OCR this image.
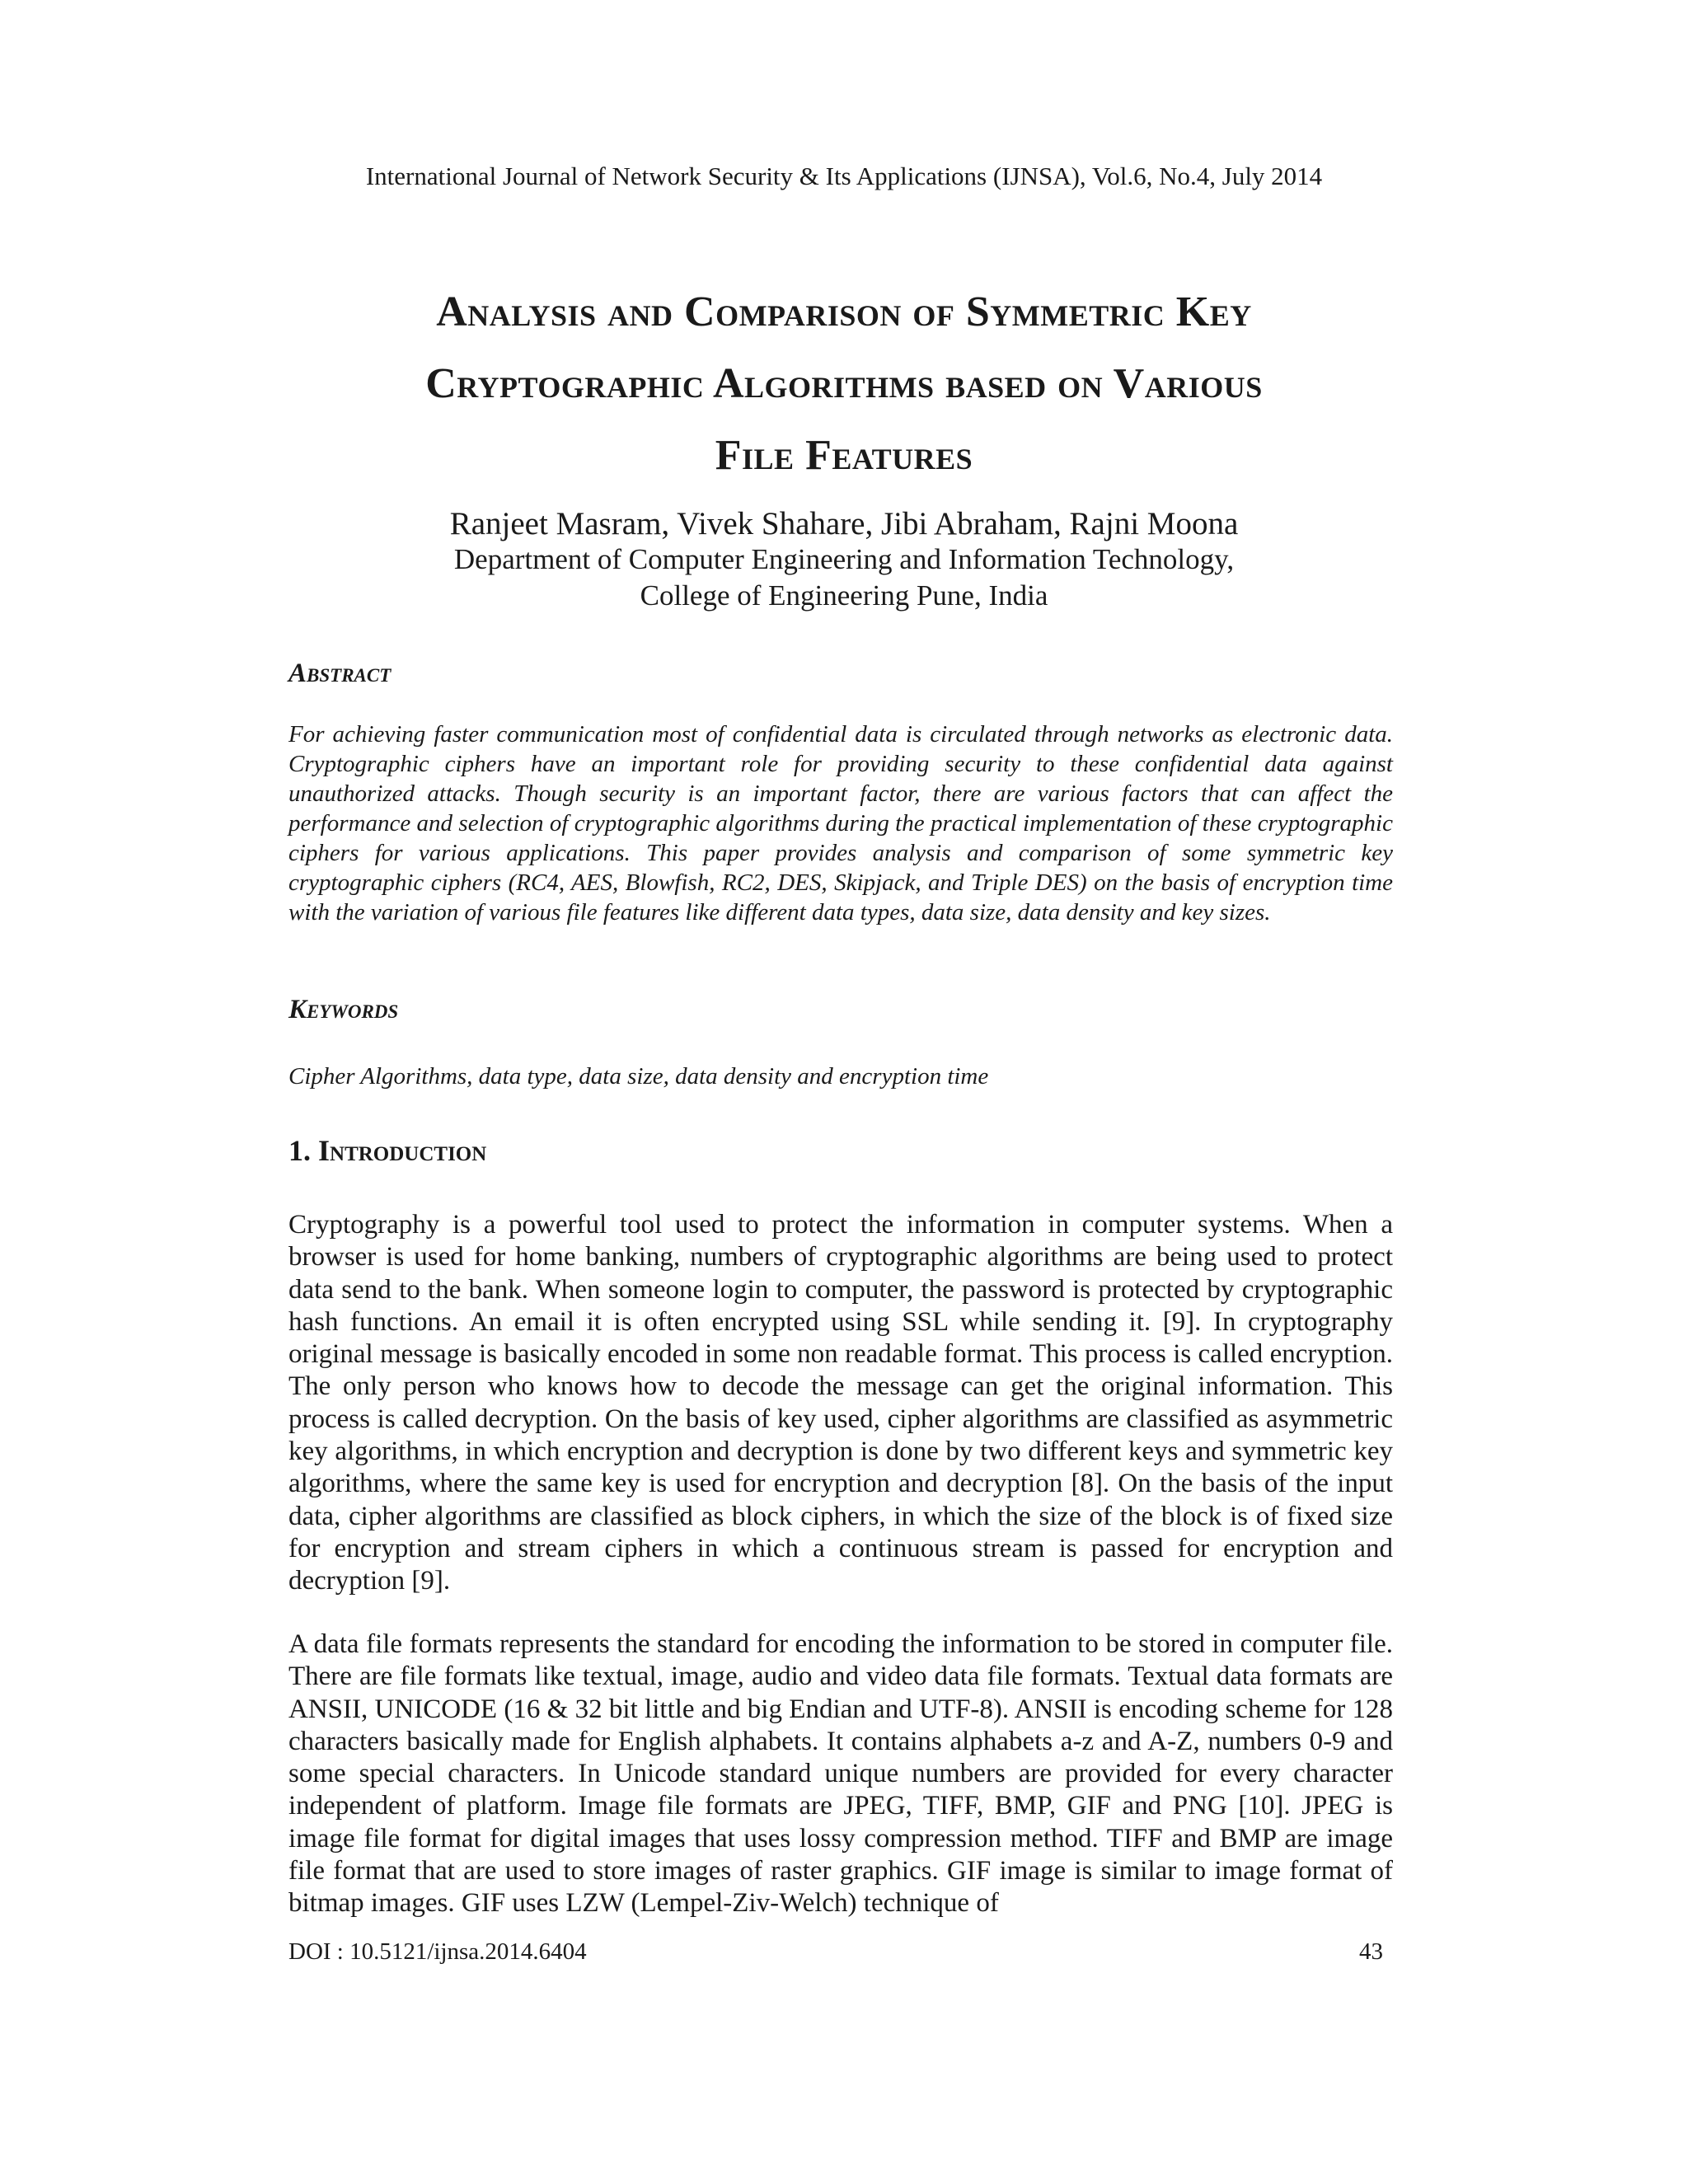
International Journal of Network Security & Its Applications (IJNSA), Vol.6, No.4, July 2014
Analysis and Comparison of Symmetric Key
Cryptographic Algorithms based on Various
File Features
Ranjeet Masram, Vivek Shahare, Jibi Abraham, Rajni Moona
Department of Computer Engineering and Information Technology,
College of Engineering Pune, India
Abstract

For achieving faster communication most of confidential data is circulated through networks as electronic data. Cryptographic ciphers have an important role for providing security to these confidential data against unauthorized attacks. Though security is an important factor, there are various factors that can affect the performance and selection of cryptographic algorithms during the practical implementation of these cryptographic ciphers for various applications. This paper provides analysis and comparison of some symmetric key cryptographic ciphers (RC4, AES, Blowfish, RC2, DES, Skipjack, and Triple DES) on the basis of encryption time with the variation of various file features like different data types, data size, data density and key sizes.

Keywords

Cipher Algorithms, data type, data size, data density and encryption time

1. Introduction

Cryptography is a powerful tool used to protect the information in computer systems. When a browser is used for home banking, numbers of cryptographic algorithms are being used to protect data send to the bank. When someone login to computer, the password is protected by cryptographic hash functions. An email it is often encrypted using SSL while sending it. [9]. In cryptography original message is basically encoded in some non readable format. This process is called encryption. The only person who knows how to decode the message can get the original information. This process is called decryption. On the basis of key used, cipher algorithms are classified as asymmetric key algorithms, in which encryption and decryption is done by two different keys and symmetric key algorithms, where the same key is used for encryption and decryption [8]. On the basis of the input data, cipher algorithms are classified as block ciphers, in which the size of the block is of fixed size for encryption and stream ciphers in which a continuous stream is passed for encryption and decryption [9].

A data file formats represents the standard for encoding the information to be stored in computer file. There are file formats like textual, image, audio and video data file formats. Textual data formats are ANSII, UNICODE (16 & 32 bit little and big Endian and UTF-8). ANSII is encoding scheme for 128 characters basically made for English alphabets. It contains alphabets a-z and A-Z, numbers 0-9 and some special characters. In Unicode standard unique numbers are provided for every character independent of platform. Image file formats are JPEG, TIFF, BMP, GIF and PNG [10]. JPEG is image file format for digital images that uses lossy compression method. TIFF and BMP are image file format that are used to store images of raster graphics. GIF image is similar to image format of bitmap images. GIF uses LZW (Lempel-Ziv-Welch) technique of

DOI : 10.5121/ijnsa.2014.6404	43
